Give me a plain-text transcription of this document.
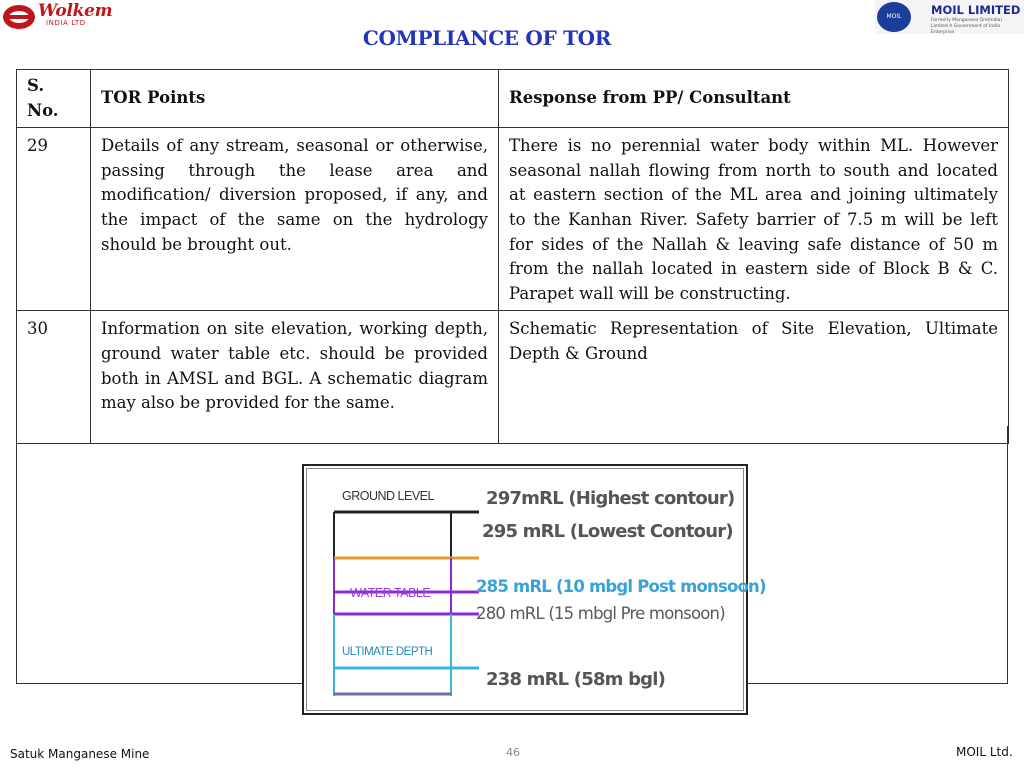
Wolkem
INDIA LTD
MOIL	MOIL LIMITED
Formerly Manganese Ore(India) Limited A Government of India Enterprise
COMPLIANCE OF TOR
S. No.	TOR Points	Response from PP/ Consultant
29	Details of any stream, seasonal or otherwise, passing through the lease area and modification/ diversion proposed, if any, and the impact of the same on the hydrology should be brought out.	There is no perennial water body within ML. However seasonal nallah flowing from north to south and located at eastern section of the ML area and joining ultimately to the Kanhan River. Safety barrier of 7.5 m will be left for sides of the Nallah & leaving safe distance of 50 m from the nallah located in eastern side of Block B & C. Parapet wall will be constructing.
30	Information on site elevation, working depth, ground water table etc. should be provided both in AMSL and BGL. A schematic diagram may also be provided for the same.	Schematic Representation of Site Elevation, Ultimate Depth & Ground
GROUND LEVEL
WATER TABLE
ULTIMATE DEPTH
297mRL (Highest contour)
295 mRL (Lowest Contour)
285 mRL (10 mbgl Post monsoon)
280 mRL (15 mbgl Pre monsoon)
238 mRL (58m bgl)
Satuk Manganese Mine	46	MOIL Ltd.
